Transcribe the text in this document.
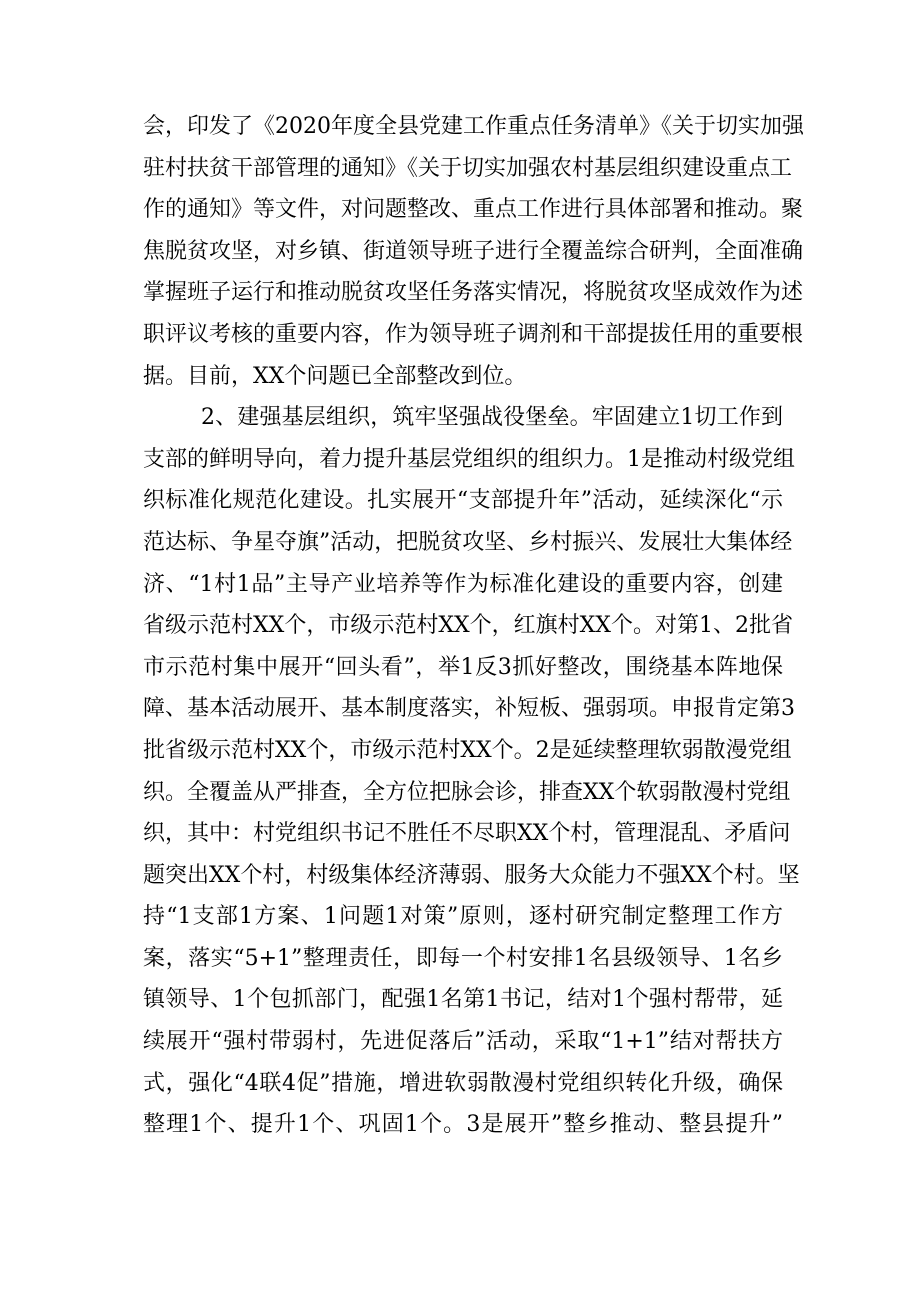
会，印发了《2020年度全县党建工作重点任务清单》《关于切实加强
驻村扶贫干部管理的通知》《关于切实加强农村基层组织建设重点工
作的通知》等文件，对问题整改、重点工作进行具体部署和推动。聚
焦脱贫攻坚，对乡镇、街道领导班子进行全覆盖综合研判，全面准确
掌握班子运行和推动脱贫攻坚任务落实情况，将脱贫攻坚成效作为述
职评议考核的重要内容，作为领导班子调剂和干部提拔任用的重要根
据。目前，XX个问题已全部整改到位。
2、建强基层组织，筑牢坚强战役堡垒。牢固建立1切工作到
支部的鲜明导向，着力提升基层党组织的组织力。1是推动村级党组
织标准化规范化建设。扎实展开“支部提升年”活动，延续深化“示
范达标、争星夺旗”活动，把脱贫攻坚、乡村振兴、发展壮大集体经
济、“1村1品”主导产业培养等作为标准化建设的重要内容，创建
省级示范村XX个，市级示范村XX个，红旗村XX个。对第1、2批省
市示范村集中展开“回头看”，举1反3抓好整改，围绕基本阵地保
障、基本活动展开、基本制度落实，补短板、强弱项。申报肯定第3
批省级示范村XX个，市级示范村XX个。2是延续整理软弱散漫党组
织。全覆盖从严排查，全方位把脉会诊，排查XX个软弱散漫村党组
织，其中：村党组织书记不胜任不尽职XX个村，管理混乱、矛盾问
题突出XX个村，村级集体经济薄弱、服务大众能力不强XX个村。坚
持“1支部1方案、1问题1对策”原则，逐村研究制定整理工作方
案，落实“5+1”整理责任，即每一个村安排1名县级领导、1名乡
镇领导、1个包抓部门，配强1名第1书记，结对1个强村帮带，延
续展开“强村带弱村，先进促落后”活动，采取“1+1”结对帮扶方
式，强化“4联4促”措施，增进软弱散漫村党组织转化升级，确保
整理1个、提升1个、巩固1个。3是展开”整乡推动、整县提升”
